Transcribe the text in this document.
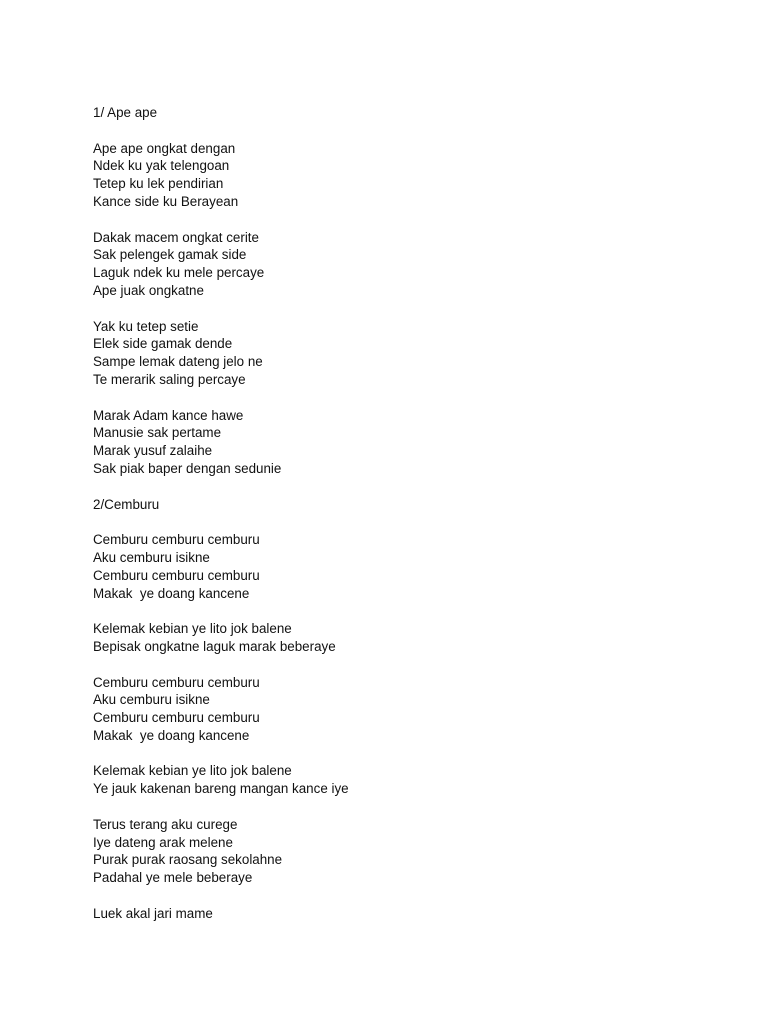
1/ Ape ape
Ape ape ongkat dengan
Ndek ku yak telengoan
Tetep ku lek pendirian
Kance side ku Berayean
Dakak macem ongkat cerite
Sak pelengek gamak side
Laguk ndek ku mele percaye
Ape juak ongkatne
Yak ku tetep setie
Elek side gamak dende
Sampe lemak dateng jelo ne
Te merarik saling percaye
Marak Adam kance hawe
Manusie sak pertame
Marak yusuf zalaihe
Sak piak baper dengan sedunie
2/Cemburu
Cemburu cemburu cemburu
Aku cemburu isikne
Cemburu cemburu cemburu
Makak  ye doang kancene
Kelemak kebian ye lito jok balene
Bepisak ongkatne laguk marak beberaye
Cemburu cemburu cemburu
Aku cemburu isikne
Cemburu cemburu cemburu
Makak  ye doang kancene
Kelemak kebian ye lito jok balene
Ye jauk kakenan bareng mangan kance iye
Terus terang aku curege
Iye dateng arak melene
Purak purak raosang sekolahne
Padahal ye mele beberaye
Luek akal jari mame
